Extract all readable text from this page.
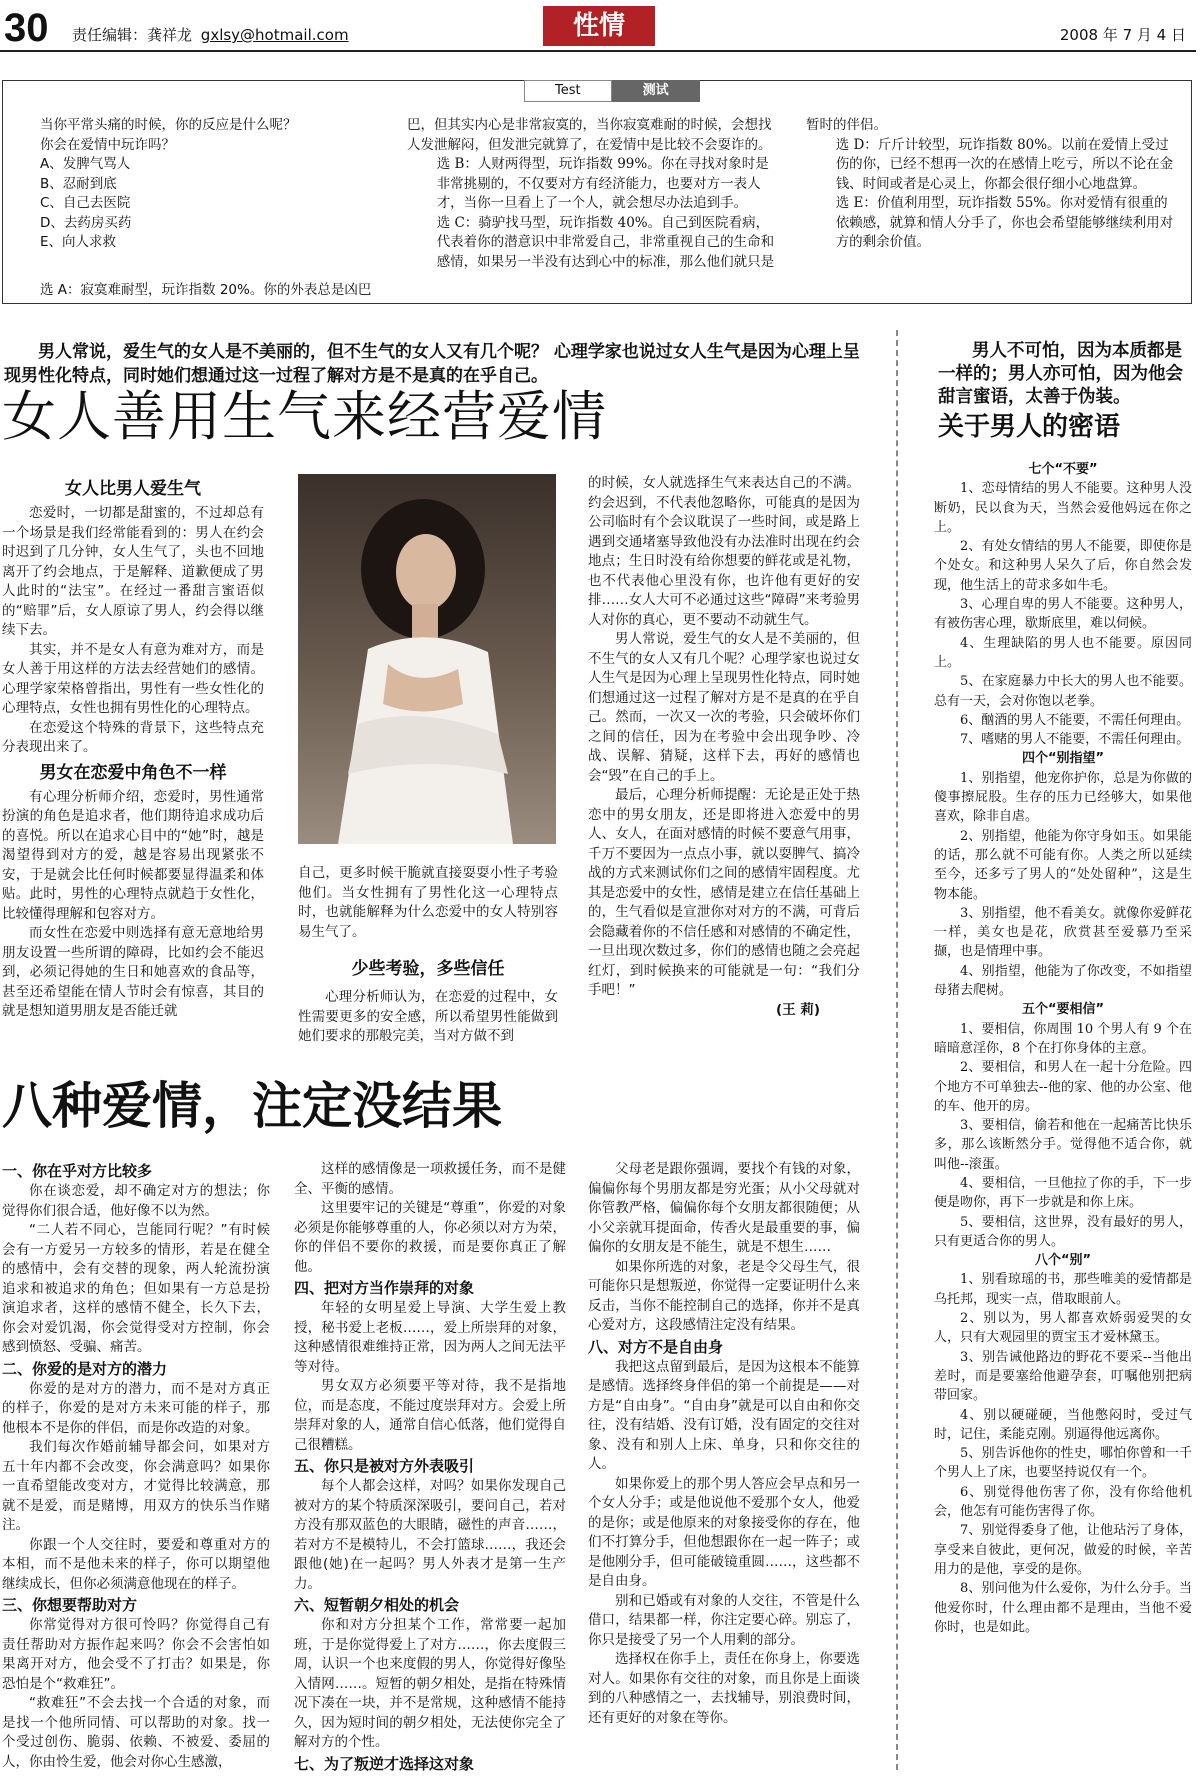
30 责任编辑：龚祥龙 gxlsy@hotmail.com	性情	2008 年 7 月 4 日
Test	测试

当你平常头痛的时候，你的反应是什么呢？

你会在爱情中玩诈吗？

A、发脾气骂人

B、忍耐到底

C、自己去医院

D、去药房买药

E、向人求救

选 A：寂寞难耐型，玩诈指数 20%。你的外表总是凶巴

巴，但其实内心是非常寂寞的，当你寂寞难耐的时候，会想找人发泄解闷，但发泄完就算了，在爱情中是比较不会耍诈的。

选 B：人财两得型，玩诈指数 99%。你在寻找对象时是非常挑剔的，不仅要对方有经济能力，也要对方一表人才，当你一旦看上了一个人，就会想尽办法追到手。

选 C：骑驴找马型，玩诈指数 40%。自己到医院看病，代表着你的潜意识中非常爱自己，非常重视自己的生命和感情，如果另一半没有达到心中的标准，那么他们就只是

暂时的伴侣。

选 D：斤斤计较型，玩诈指数 80%。以前在爱情上受过伤的你，已经不想再一次的在感情上吃亏，所以不论在金钱、时间或者是心灵上，你都会很仔细小心地盘算。

选 E：价值利用型，玩诈指数 55%。你对爱情有很重的依赖感，就算和情人分手了，你也会希望能够继续利用对方的剩余价值。

男人常说，爱生气的女人是不美丽的，但不生气的女人又有几个呢？ 心理学家也说过女人生气是因为心理上呈现男性化特点，同时她们想通过这一过程了解对方是不是真的在乎自己。
女人善用生气来经营爱情
女人比男人爱生气

恋爱时，一切都是甜蜜的，不过却总有一个场景是我们经常能看到的：男人在约会时迟到了几分钟，女人生气了，头也不回地离开了约会地点，于是解释、道歉便成了男人此时的“法宝”。在经过一番甜言蜜语似的“赔罪”后，女人原谅了男人，约会得以继续下去。

其实，并不是女人有意为难对方，而是女人善于用这样的方法去经营她们的感情。心理学家荣格曾指出，男性有一些女性化的心理特点，女性也拥有男性化的心理特点。

在恋爱这个特殊的背景下，这些特点充分表现出来了。

男女在恋爱中角色不一样

有心理分析师介绍，恋爱时，男性通常扮演的角色是追求者，他们期待追求成功后的喜悦。所以在追求心目中的“她”时，越是渴望得到对方的爱，越是容易出现紧张不安，于是就会比任何时候都要显得温柔和体贴。此时，男性的心理特点就趋于女性化，比较懂得理解和包容对方。

而女性在恋爱中则选择有意无意地给男朋友设置一些所谓的障碍，比如约会不能迟到，必须记得她的生日和她喜欢的食品等，甚至还希望能在情人节时会有惊喜，其目的就是想知道男朋友是否能迁就

自己，更多时候干脆就直接耍耍小性子考验他们。当女性拥有了男性化这一心理特点时，也就能解释为什么恋爱中的女人特别容易生气了。

少些考验，多些信任

心理分析师认为，在恋爱的过程中，女性需要更多的安全感，所以希望男性能做到她们要求的那般完美，当对方做不到

的时候，女人就选择生气来表达自己的不满。约会迟到，不代表他忽略你，可能真的是因为公司临时有个会议耽误了一些时间，或是路上遇到交通堵塞导致他没有办法准时出现在约会地点；生日时没有给你想要的鲜花或是礼物，也不代表他心里没有你，也许他有更好的安排……女人大可不必通过这些“障碍”来考验男人对你的真心，更不要动不动就生气。

男人常说，爱生气的女人是不美丽的，但不生气的女人又有几个呢？心理学家也说过女人生气是因为心理上呈现男性化特点，同时她们想通过这一过程了解对方是不是真的在乎自己。然而，一次又一次的考验，只会破坏你们之间的信任，因为在考验中会出现争吵、冷战、误解、猜疑，这样下去，再好的感情也会“毁”在自己的手上。

最后，心理分析师提醒：无论是正处于热恋中的男女朋友，还是即将进入恋爱中的男人、女人，在面对感情的时候不要意气用事，千万不要因为一点点小事，就以耍脾气、搞冷战的方式来测试你们之间的感情牢固程度。尤其是恋爱中的女性，感情是建立在信任基础上的，生气看似是宣泄你对对方的不满，可背后会隐藏着你的不信任感和对感情的不确定性，一旦出现次数过多，你们的感情也随之会亮起红灯，到时候换来的可能就是一句：“我们分手吧！”

(王 莉)
八种爱情，注定没结果
一、你在乎对方比较多

你在谈恋爱，却不确定对方的想法；你觉得你们很合适，他好像不以为然。

“二人若不同心，岂能同行呢？”有时候会有一方爱另一方较多的情形，若是在健全的感情中，会有交替的现象，两人轮流扮演追求和被追求的角色；但如果有一方总是扮演追求者，这样的感情不健全，长久下去，你会对爱饥渴，你会觉得受对方控制，你会感到愤怒、受骗、痛苦。

二、你爱的是对方的潜力

你爱的是对方的潜力，而不是对方真正的样子，你爱的是对方未来可能的样子，那他根本不是你的伴侣，而是你改造的对象。

我们每次作婚前辅导都会问，如果对方五十年内都不会改变，你会满意吗？如果你一直希望能改变对方，才觉得比较满意，那就不是爱，而是赌博，用双方的快乐当作赌注。

你跟一个人交往时，要爱和尊重对方的本相，而不是他未来的样子，你可以期望他继续成长，但你必须满意他现在的样子。

三、你想要帮助对方

你常觉得对方很可怜吗？你觉得自己有责任帮助对方振作起来吗？你会不会害怕如果离开对方，他会受不了打击？如果是，你恐怕是个“救难狂”。

“救难狂”不会去找一个合适的对象，而是找一个他所同情、可以帮助的对象。找一个受过创伤、脆弱、依赖、不被爱、委屈的人，你由怜生爱，他会对你心生感激，

这样的感情像是一项救援任务，而不是健全、平衡的感情。

这里要牢记的关键是“尊重”，你爱的对象必须是你能够尊重的人，你必须以对方为荣，你的伴侣不要你的救援，而是要你真正了解他。

四、把对方当作崇拜的对象

年轻的女明星爱上导演、大学生爱上教授，秘书爱上老板……，爱上所崇拜的对象，这种感情很难维持正常，因为两人之间无法平等对待。

男女双方必须要平等对待，我不是指地位，而是态度，不能过度崇拜对方。会爱上所崇拜对象的人，通常自信心低落，他们觉得自己很糟糕。

五、你只是被对方外表吸引

每个人都会这样，对吗？如果你发现自己被对方的某个特质深深吸引，要问自己，若对方没有那双蓝色的大眼睛，磁性的声音……，若对方不是模特儿，不会打篮球……，我还会跟他(她)在一起吗？男人外表才是第一生产力。

六、短暂朝夕相处的机会

你和对方分担某个工作，常常要一起加班，于是你觉得爱上了对方……，你去度假三周，认识一个也来度假的男人，你觉得好像坠入情网……。短暂的朝夕相处，是指在特殊情况下凑在一块，并不是常规，这种感情不能持久，因为短时间的朝夕相处，无法使你完全了解对方的个性。

七、为了叛逆才选择这对象

父母老是跟你强调，要找个有钱的对象，偏偏你每个男朋友都是穷光蛋；从小父母就对你管教严格，偏偏你每个女朋友都很随便；从小父亲就耳提面命，传香火是最重要的事，偏偏你的女朋友是不能生，就是不想生……

如果你所选的对象，老是令父母生气，很可能你只是想叛逆，你觉得一定要证明什么来反击，当你不能控制自己的选择，你并不是真心爱对方，这段感情注定没有结果。

八、对方不是自由身

我把这点留到最后，是因为这根本不能算是感情。选择终身伴侣的第一个前提是——对方是“自由身”。“自由身”就是可以自由和你交往，没有结婚、没有订婚，没有固定的交往对象、没有和别人上床、单身，只和你交往的人。

如果你爱上的那个男人答应会早点和另一个女人分手；或是他说他不爱那个女人，他爱的是你；或是他原来的对象接受你的存在，他们不打算分手，但他想跟你在一起一阵子；或是他刚分手，但可能破镜重圆……，这些都不是自由身。

别和已婚或有对象的人交往，不管是什么借口，结果都一样，你注定要心碎。别忘了，你只是接受了另一个人用剩的部分。

选择权在你手上，责任在你身上，你要选对人。如果你有交往的对象，而且你是上面谈到的八种感情之一，去找辅导，别浪费时间，还有更好的对象在等你。

男人不可怕，因为本质都是一样的；男人亦可怕，因为他会甜言蜜语，太善于伪装。
关于男人的密语
七个“不要”

1、恋母情结的男人不能要。这种男人没断奶，民以食为天，当然会爱他妈远在你之上。

2、有处女情结的男人不能要，即使你是个处女。和这种男人呆久了后，你自然会发现，他生活上的苛求多如牛毛。

3、心理自卑的男人不能要。这种男人，有被伤害心理，歇斯底里，难以伺候。

4、生理缺陷的男人也不能要。原因同上。

5、在家庭暴力中长大的男人也不能要。总有一天，会对你饱以老拳。

6、酗酒的男人不能要，不需任何理由。

7、嗜赌的男人不能要，不需任何理由。

四个“别指望”

1、别指望，他宠你护你，总是为你做的傻事擦屁股。生存的压力已经够大，如果他喜欢，除非自虐。

2、别指望，他能为你守身如玉。如果能的话，那么就不可能有你。人类之所以延续至今，还多亏了男人的“处处留种”，这是生物本能。

3、别指望，他不看美女。就像你爱鲜花一样，美女也是花，欣赏甚至爱慕乃至采撷，也是情理中事。

4、别指望，他能为了你改变，不如指望母猪去爬树。

五个“要相信”

1、要相信，你周围 10 个男人有 9 个在暗暗意淫你，8 个在打你身体的主意。

2、要相信，和男人在一起十分危险。四个地方不可单独去--他的家、他的办公室、他的车、他开的房。

3、要相信，偷若和他在一起痛苦比快乐多，那么该断然分手。觉得他不适合你，就叫他--滚蛋。

4、要相信，一旦他拉了你的手，下一步便是吻你，再下一步就是和你上床。

5、要相信，这世界，没有最好的男人，只有更适合你的男人。

八个“别”

1、别看琼瑶的书，那些唯美的爱情都是乌托邦，现实一点，借取眼前人。

2、别以为，男人都喜欢娇弱爱哭的女人，只有大观园里的贾宝玉才爱林黛玉。

3、别告诫他路边的野花不要采--当他出差时，而是要塞给他避孕套，叮嘱他别把病带回家。

4、别以硬碰硬，当他憋闷时，受过气时，记住，柔能克刚。别逼得他远离你。

5、别告诉他你的性史，哪怕你曾和一千个男人上了床，也要坚持说仅有一个。

6、别觉得他伤害了你，没有你给他机会，他怎有可能伤害得了你。

7、别觉得委身了他，让他玷污了身体，享受来自彼此，更何况，做爱的时候，辛苦用力的是他，享受的是你。

8、别问他为什么爱你，为什么分手。当他爱你时，什么理由都不是理由，当他不爱你时，也是如此。
